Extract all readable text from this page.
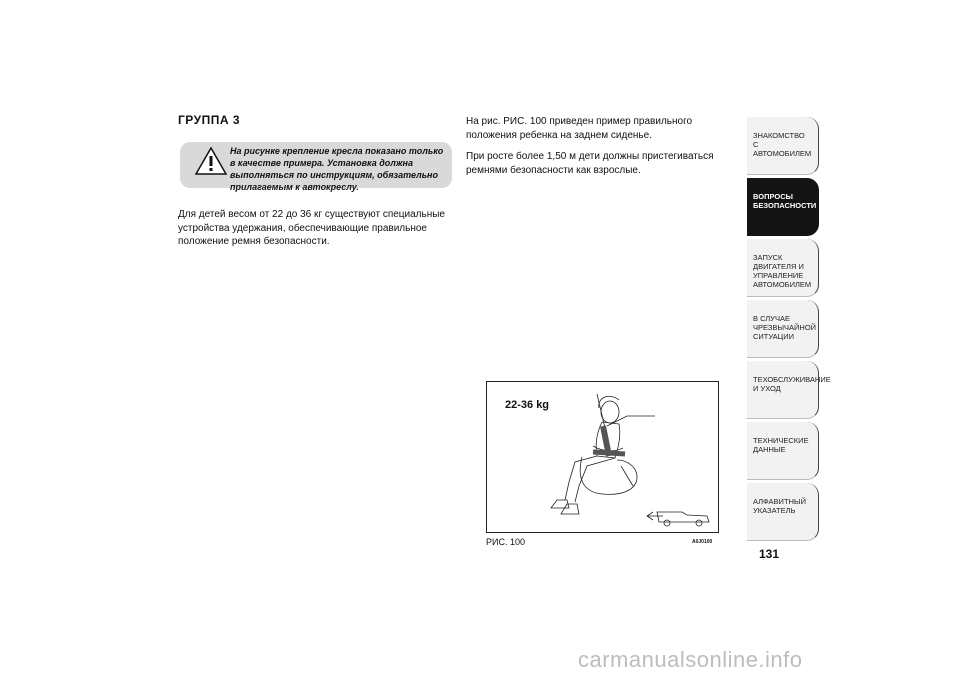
ГРУППА 3
На рисунке крепление кресла показано только в качестве примера. Установка должна выполняться по инструкциям, обязательно прилагаемым к автокреслу.
Для детей весом от 22 до 36 кг существуют специальные устройства удержания, обеспечивающие правильное положение ремня безопасности.

На рис. РИС. 100 приведен пример правильного положения ребенка на заднем сиденье.

При росте более 1,50 м дети должны пристегиваться ремнями безопасности как взрослые.

22-36 kg
РИС. 100	A0J0100
ЗНАКОМСТВО С АВТОМОБИЛЕМ
ВОПРОСЫ БЕЗОПАСНОСТИ
ЗАПУСК ДВИГАТЕЛЯ И УПРАВЛЕНИЕ АВТОМОБИЛЕМ
В СЛУЧАЕ ЧРЕЗВЫЧАЙНОЙ СИТУАЦИИ
ТЕХОБСЛУЖИВАНИЕ И УХОД
ТЕХНИЧЕСКИЕ ДАННЫЕ
АЛФАВИТНЫЙ УКАЗАТЕЛЬ
131
carmanualsonline.info
